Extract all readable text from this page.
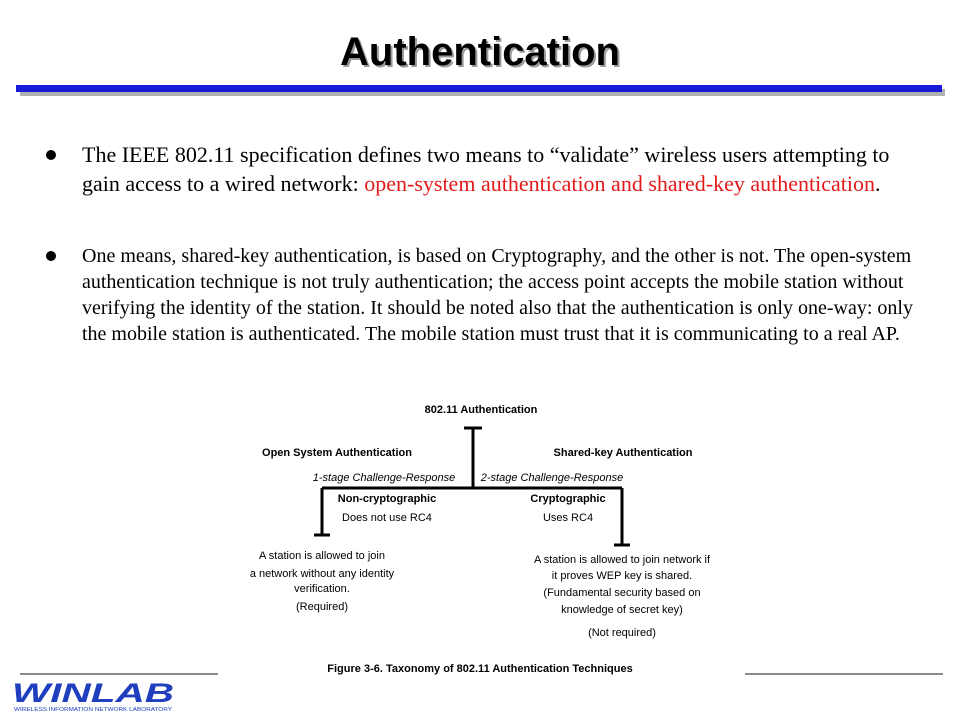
Authentication
The IEEE 802.11 specification defines two means to “validate” wireless users attempting to gain access to a wired network: open-system authentication and shared-key authentication.
One means, shared-key authentication, is based on Cryptography, and the other is not. The open-system authentication technique is not truly authentication; the access point accepts the mobile station without verifying the identity of the station. It should be noted also that the authentication is only one-way: only the mobile station is authenticated. The mobile station must trust that it is communicating to a real AP.
802.11 Authentication
Open System Authentication
1-stage Challenge-Response
Non-cryptographic
Does not use RC4
A station is allowed to join
a network without any identity
verification.
(Required)
Shared-key Authentication
2-stage Challenge-Response
Cryptographic
Uses RC4
A station is allowed to join network if
it proves WEP key is shared.
(Fundamental security based on
knowledge of secret key)
(Not required)
Figure 3-6. Taxonomy of 802.11 Authentication Techniques
WINLAB
WIRELESS INFORMATION NETWORK LABORATORY
